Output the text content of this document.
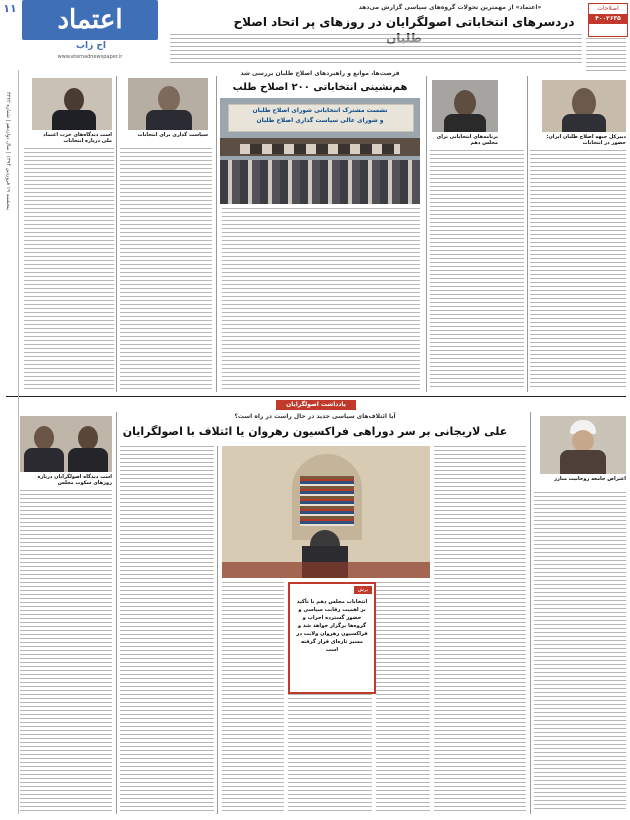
اعتماد
اح زاب
www.etemadnewspaper.ir
۱۱
پنجشنبه ۱۹ فروردین ۱۳۹۴ | سال دوازدهم | شماره ۳۲۲۲
اصلاحات
۴۰۰۲۶۳۵
«اعتماد» از مهمترین تحولات گروه‌های سیاسی گزارش می‌دهد
دردسرهای انتخاباتی اصولگرایان در روزهای پر اتحاد اصلاح
دبیرکل جبهه اصلاح طلبان ایران: حضور در انتخابات
برنامه‌های انتخاباتی برای مجلس دهم
سیاست گذاری برای انتخابات
است دیدگاه‌های حزب اعتماد ملی درباره انتخابات
فرصت‌ها، موانع و راهبردهای اصلاح طلبان بررسی شد
هم‌نشینی انتخاباتی ۲۰۰ اصلاح طلب
نشست مشترک انتخاباتی شورای اصلاح طلبان
و شورای عالی سیاست گذاری اصلاح طلبان
یادداشت اصولگرایان
آیا ائتلاف‌های سیاسی جدید در حال راست در راه است؟
علی لاریجانی بر سر دوراهی فراکسیون رهروان یا ائتلاف با اصولگرایان
اعتراض جامعه روحانیت مبارز
است دیدگاه اصولگرایان درباره روزهای سکوت مجلس
برش
انتخابات مجلس دهم با تأکید بر اهمیت رقابت سیاسی و حضور گسترده احزاب و گروه‌ها برگزار خواهد شد و فراکسیون رهروان ولایت در مسیر تازه‌ای قرار گرفته است
